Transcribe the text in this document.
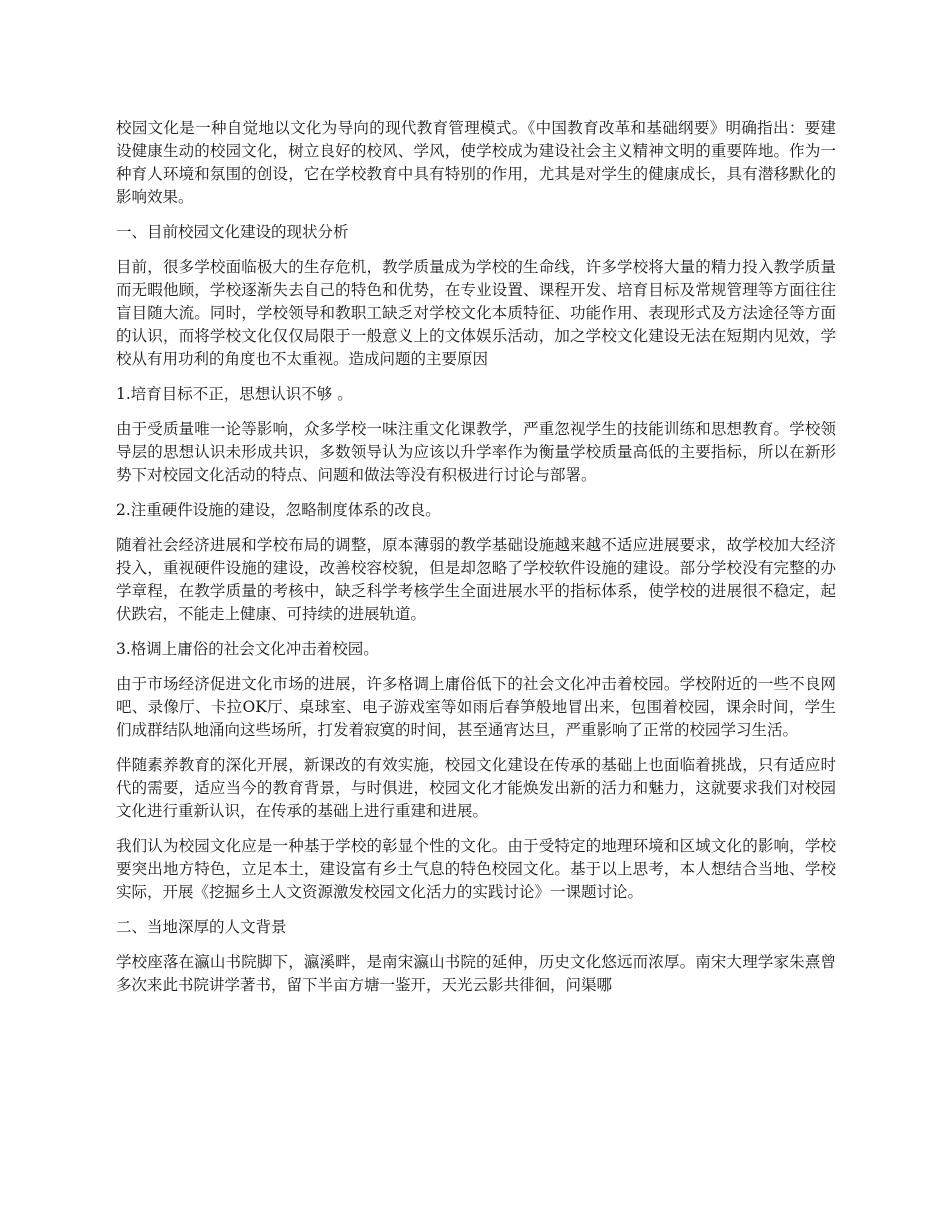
校园文化是一种自觉地以文化为导向的现代教育管理模式。《中国教育改革和基础纲要》明确指出：要建设健康生动的校园文化，树立良好的校风、学风，使学校成为建设社会主义精神文明的重要阵地。作为一种育人环境和氛围的创设，它在学校教育中具有特别的作用，尤其是对学生的健康成长，具有潜移默化的影响效果。

一、目前校园文化建设的现状分析

目前，很多学校面临极大的生存危机，教学质量成为学校的生命线，许多学校将大量的精力投入教学质量而无暇他顾，学校逐渐失去自己的特色和优势，在专业设置、课程开发、培育目标及常规管理等方面往往盲目随大流。同时，学校领导和教职工缺乏对学校文化本质特征、功能作用、表现形式及方法途径等方面的认识，而将学校文化仅仅局限于一般意义上的文体娱乐活动，加之学校文化建设无法在短期内见效，学校从有用功利的角度也不太重视。造成问题的主要原因

1.培育目标不正，思想认识不够 。

由于受质量唯一论等影响，众多学校一味注重文化课教学，严重忽视学生的技能训练和思想教育。学校领导层的思想认识未形成共识，多数领导认为应该以升学率作为衡量学校质量高低的主要指标，所以在新形势下对校园文化活动的特点、问题和做法等没有积极进行讨论与部署。

2.注重硬件设施的建设，忽略制度体系的改良。

随着社会经济进展和学校布局的调整，原本薄弱的教学基础设施越来越不适应进展要求，故学校加大经济投入，重视硬件设施的建设，改善校容校貌，但是却忽略了学校软件设施的建设。部分学校没有完整的办学章程，在教学质量的考核中，缺乏科学考核学生全面进展水平的指标体系，使学校的进展很不稳定，起伏跌宕，不能走上健康、可持续的进展轨道。

3.格调上庸俗的社会文化冲击着校园。

由于市场经济促进文化市场的进展，许多格调上庸俗低下的社会文化冲击着校园。学校附近的一些不良网吧、录像厅、卡拉OK厅、桌球室、电子游戏室等如雨后春笋般地冒出来，包围着校园，课余时间，学生们成群结队地涌向这些场所，打发着寂寞的时间，甚至通宵达旦，严重影响了正常的校园学习生活。

伴随素养教育的深化开展，新课改的有效实施，校园文化建设在传承的基础上也面临着挑战，只有适应时代的需要，适应当今的教育背景，与时俱进，校园文化才能焕发出新的活力和魅力，这就要求我们对校园文化进行重新认识，在传承的基础上进行重建和进展。

我们认为校园文化应是一种基于学校的彰显个性的文化。由于受特定的地理环境和区域文化的影响，学校要突出地方特色，立足本土，建设富有乡土气息的特色校园文化。基于以上思考，本人想结合当地、学校实际，开展《挖掘乡土人文资源激发校园文化活力的实践讨论》一课题讨论。

二、当地深厚的人文背景

学校座落在瀛山书院脚下，瀛溪畔，是南宋瀛山书院的延伸，历史文化悠远而浓厚。南宋大理学家朱熹曾多次来此书院讲学著书，留下半亩方塘一鉴开，天光云影共徘徊，问渠哪
